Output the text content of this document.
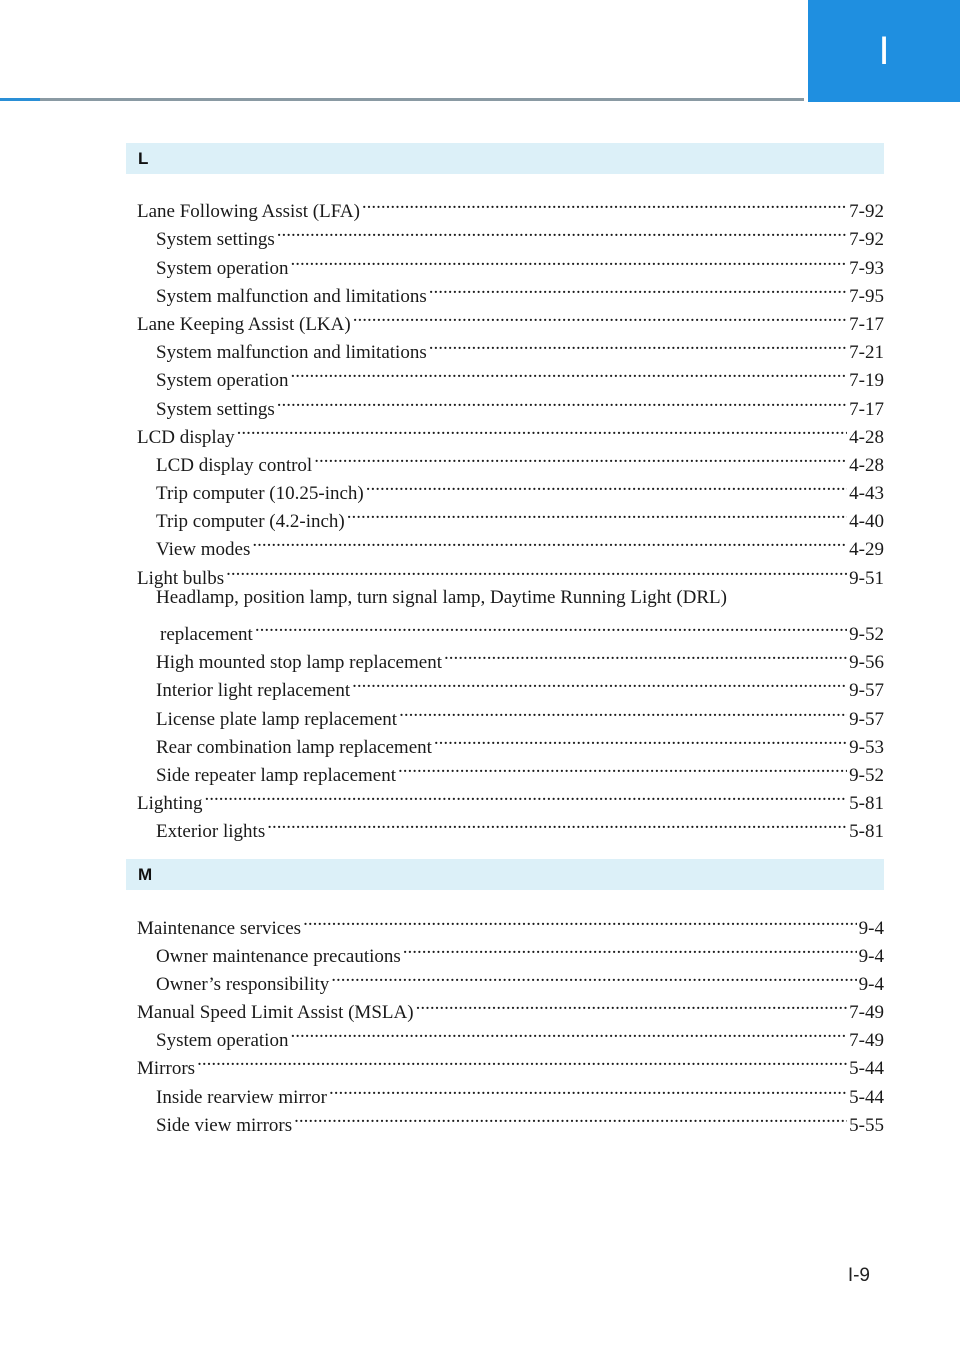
I
L
Lane Following Assist (LFA) .....	7-92
System settings .....	7-92
System operation .....	7-93
System malfunction and limitations .....	7-95
Lane Keeping Assist (LKA) .....	7-17
System malfunction and limitations .....	7-21
System operation .....	7-19
System settings .....	7-17
LCD display .....	4-28
LCD display control .....	4-28
Trip computer (10.25-inch) .....	4-43
Trip computer (4.2-inch) .....	4-40
View modes .....	4-29
Light bulbs .....	9-51
Headlamp, position lamp, turn signal lamp, Daytime Running Light (DRL)
replacement .....	9-52
High mounted stop lamp replacement .....	9-56
Interior light replacement .....	9-57
License plate lamp replacement .....	9-57
Rear combination lamp replacement .....	9-53
Side repeater lamp replacement .....	9-52
Lighting .....	5-81
Exterior lights .....	5-81
M
Maintenance services .....	9-4
Owner maintenance precautions .....	9-4
Owner’s responsibility .....	9-4
Manual Speed Limit Assist (MSLA) .....	7-49
System operation .....	7-49
Mirrors .....	5-44
Inside rearview mirror .....	5-44
Side view mirrors .....	5-55
I-9
